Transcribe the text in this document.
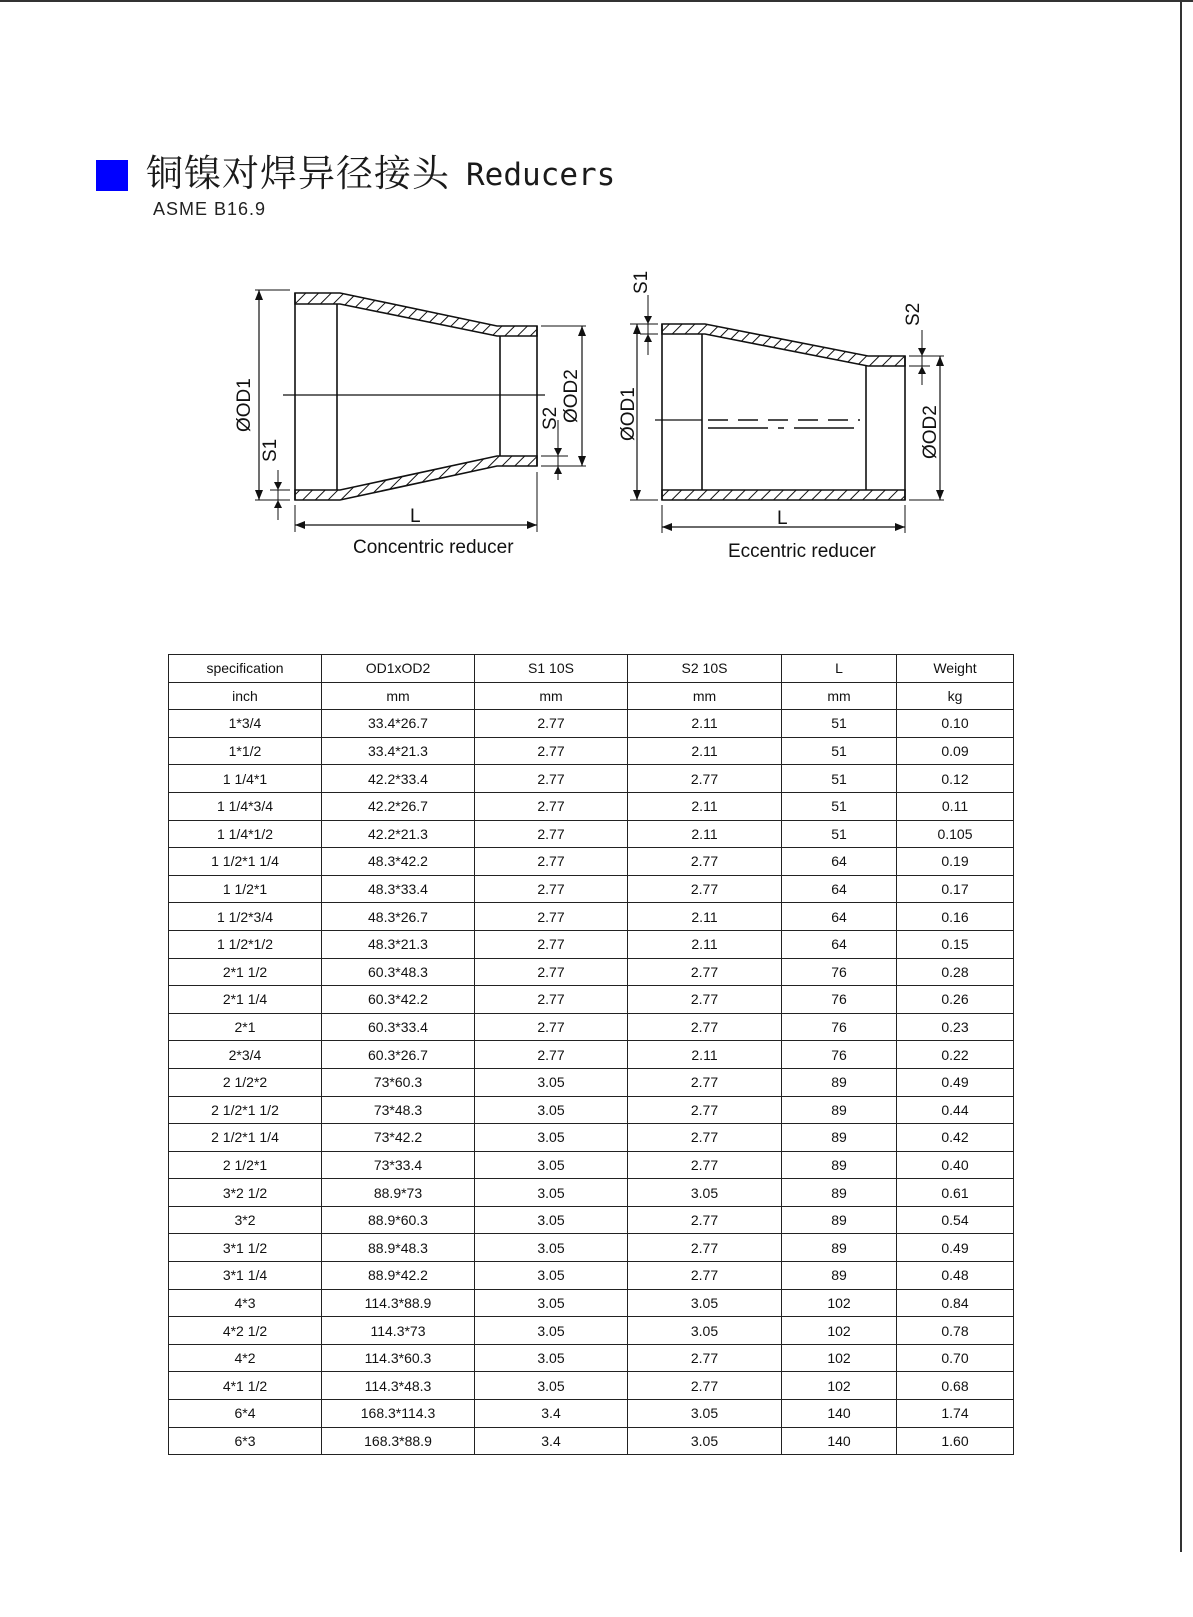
铜镍对焊异径接头 Reducers
ASME B16.9
ØOD1
S1
S2 ØOD2
L
S1
ØOD1
S2
ØOD2
L
Concentric reducer	Eccentric reducer
specification	OD1xOD2	S1 10S	S2 10S	L	Weight
inch	mm	mm	mm	mm	kg
1*3/4	33.4*26.7	2.77	2.11	51	0.10
1*1/2	33.4*21.3	2.77	2.11	51	0.09
1 1/4*1	42.2*33.4	2.77	2.77	51	0.12
1 1/4*3/4	42.2*26.7	2.77	2.11	51	0.11
1 1/4*1/2	42.2*21.3	2.77	2.11	51	0.105
1 1/2*1 1/4	48.3*42.2	2.77	2.77	64	0.19
1 1/2*1	48.3*33.4	2.77	2.77	64	0.17
1 1/2*3/4	48.3*26.7	2.77	2.11	64	0.16
1 1/2*1/2	48.3*21.3	2.77	2.11	64	0.15
2*1 1/2	60.3*48.3	2.77	2.77	76	0.28
2*1 1/4	60.3*42.2	2.77	2.77	76	0.26
2*1	60.3*33.4	2.77	2.77	76	0.23
2*3/4	60.3*26.7	2.77	2.11	76	0.22
2 1/2*2	73*60.3	3.05	2.77	89	0.49
2 1/2*1 1/2	73*48.3	3.05	2.77	89	0.44
2 1/2*1 1/4	73*42.2	3.05	2.77	89	0.42
2 1/2*1	73*33.4	3.05	2.77	89	0.40
3*2 1/2	88.9*73	3.05	3.05	89	0.61
3*2	88.9*60.3	3.05	2.77	89	0.54
3*1 1/2	88.9*48.3	3.05	2.77	89	0.49
3*1 1/4	88.9*42.2	3.05	2.77	89	0.48
4*3	114.3*88.9	3.05	3.05	102	0.84
4*2 1/2	114.3*73	3.05	3.05	102	0.78
4*2	114.3*60.3	3.05	2.77	102	0.70
4*1 1/2	114.3*48.3	3.05	2.77	102	0.68
6*4	168.3*114.3	3.4	3.05	140	1.74
6*3	168.3*88.9	3.4	3.05	140	1.60
